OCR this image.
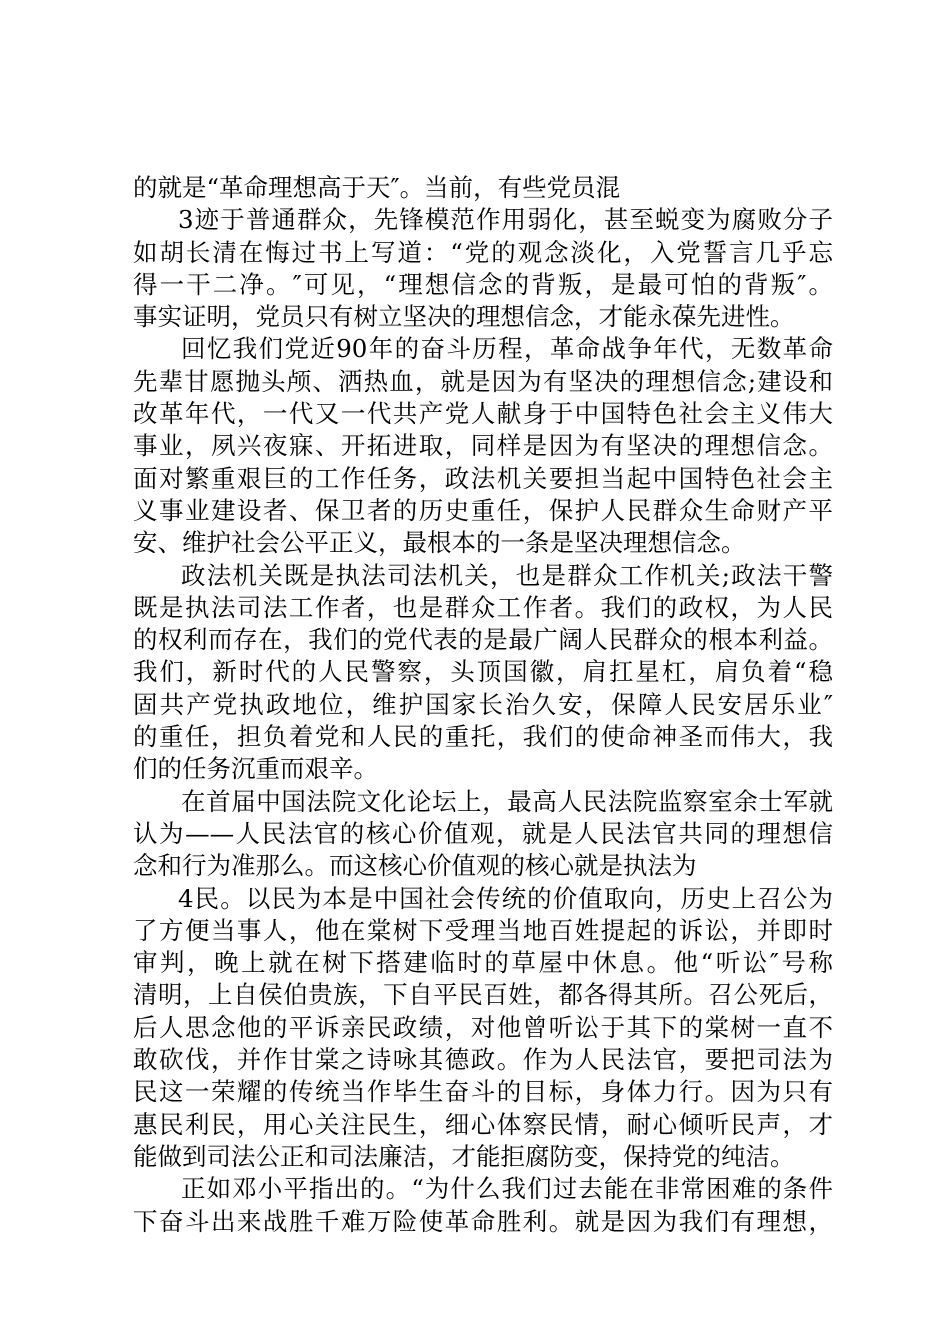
的就是“革命理想高于天″。当前，有些党员混
3迹于普通群众，先锋模范作用弱化，甚至蜕变为腐败分子
如胡长清在悔过书上写道：“党的观念淡化，入党誓言几乎忘
得一干二净。″可见，“理想信念的背叛，是最可怕的背叛″。
事实证明，党员只有树立坚决的理想信念，才能永葆先进性。
回忆我们党近90年的奋斗历程，革命战争年代，无数革命
先辈甘愿抛头颅、洒热血，就是因为有坚决的理想信念;建设和
改革年代，一代又一代共产党人献身于中国特色社会主义伟大
事业，夙兴夜寐、开拓进取，同样是因为有坚决的理想信念。
面对繁重艰巨的工作任务，政法机关要担当起中国特色社会主
义事业建设者、保卫者的历史重任，保护人民群众生命财产平
安、维护社会公平正义，最根本的一条是坚决理想信念。
政法机关既是执法司法机关，也是群众工作机关;政法干警
既是执法司法工作者，也是群众工作者。我们的政权，为人民
的权利而存在，我们的党代表的是最广阔人民群众的根本利益。
我们，新时代的人民警察，头顶国徽，肩扛星杠，肩负着“稳
固共产党执政地位，维护国家长治久安，保障人民安居乐业″
的重任，担负着党和人民的重托，我们的使命神圣而伟大，我
们的任务沉重而艰辛。
在首届中国法院文化论坛上，最高人民法院监察室余士军就
认为——人民法官的核心价值观，就是人民法官共同的理想信
念和行为准那么。而这核心价值观的核心就是执法为
4民。以民为本是中国社会传统的价值取向，历史上召公为
了方便当事人，他在棠树下受理当地百姓提起的诉讼，并即时
审判，晚上就在树下搭建临时的草屋中休息。他“听讼″号称
清明，上自侯伯贵族，下自平民百姓，都各得其所。召公死后，
后人思念他的平诉亲民政绩，对他曾听讼于其下的棠树一直不
敢砍伐，并作甘棠之诗咏其德政。作为人民法官，要把司法为
民这一荣耀的传统当作毕生奋斗的目标，身体力行。因为只有
惠民利民，用心关注民生，细心体察民情，耐心倾听民声，才
能做到司法公正和司法廉洁，才能拒腐防变，保持党的纯洁。
正如邓小平指出的。“为什么我们过去能在非常困难的条件
下奋斗出来战胜千难万险使革命胜利。就是因为我们有理想，
